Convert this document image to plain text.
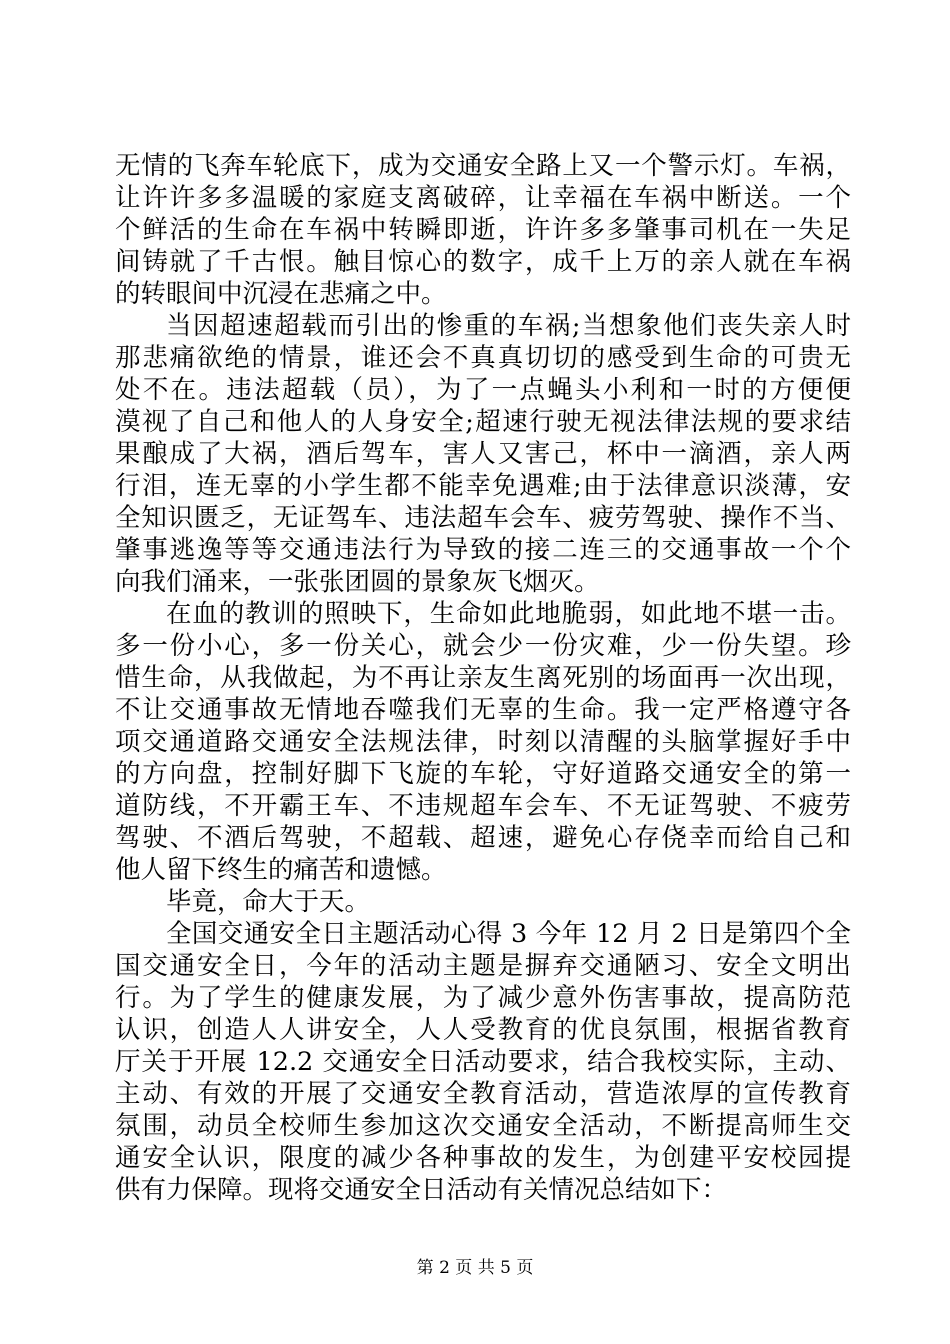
无情的飞奔车轮底下，成为交通安全路上又一个警示灯。车祸，
让许许多多温暖的家庭支离破碎，让幸福在车祸中断送。一个
个鲜活的生命在车祸中转瞬即逝，许许多多肇事司机在一失足
间铸就了千古恨。触目惊心的数字，成千上万的亲人就在车祸
的转眼间中沉浸在悲痛之中。
当因超速超载而引出的惨重的车祸;当想象他们丧失亲人时
那悲痛欲绝的情景，谁还会不真真切切的感受到生命的可贵无
处不在。违法超载（员），为了一点蝇头小利和一时的方便便
漠视了自己和他人的人身安全;超速行驶无视法律法规的要求结
果酿成了大祸，酒后驾车，害人又害己，杯中一滴酒，亲人两
行泪，连无辜的小学生都不能幸免遇难;由于法律意识淡薄，安
全知识匮乏，无证驾车、违法超车会车、疲劳驾驶、操作不当、
肇事逃逸等等交通违法行为导致的接二连三的交通事故一个个
向我们涌来，一张张团圆的景象灰飞烟灭。
在血的教训的照映下，生命如此地脆弱，如此地不堪一击。
多一份小心，多一份关心，就会少一份灾难，少一份失望。珍
惜生命，从我做起，为不再让亲友生离死别的场面再一次出现，
不让交通事故无情地吞噬我们无辜的生命。我一定严格遵守各
项交通道路交通安全法规法律，时刻以清醒的头脑掌握好手中
的方向盘，控制好脚下飞旋的车轮，守好道路交通安全的第一
道防线，不开霸王车、不违规超车会车、不无证驾驶、不疲劳
驾驶、不酒后驾驶，不超载、超速，避免心存侥幸而给自己和
他人留下终生的痛苦和遗憾。
毕竟，命大于天。
全国交通安全日主题活动心得 3 今年 12 月 2 日是第四个全
国交通安全日，今年的活动主题是摒弃交通陋习、安全文明出
行。为了学生的健康发展，为了减少意外伤害事故，提高防范
认识，创造人人讲安全，人人受教育的优良氛围，根据省教育
厅关于开展 12.2 交通安全日活动要求，结合我校实际，主动、
主动、有效的开展了交通安全教育活动，营造浓厚的宣传教育
氛围，动员全校师生参加这次交通安全活动，不断提高师生交
通安全认识，限度的减少各种事故的发生，为创建平安校园提
供有力保障。现将交通安全日活动有关情况总结如下：
第 2 页 共 5 页
